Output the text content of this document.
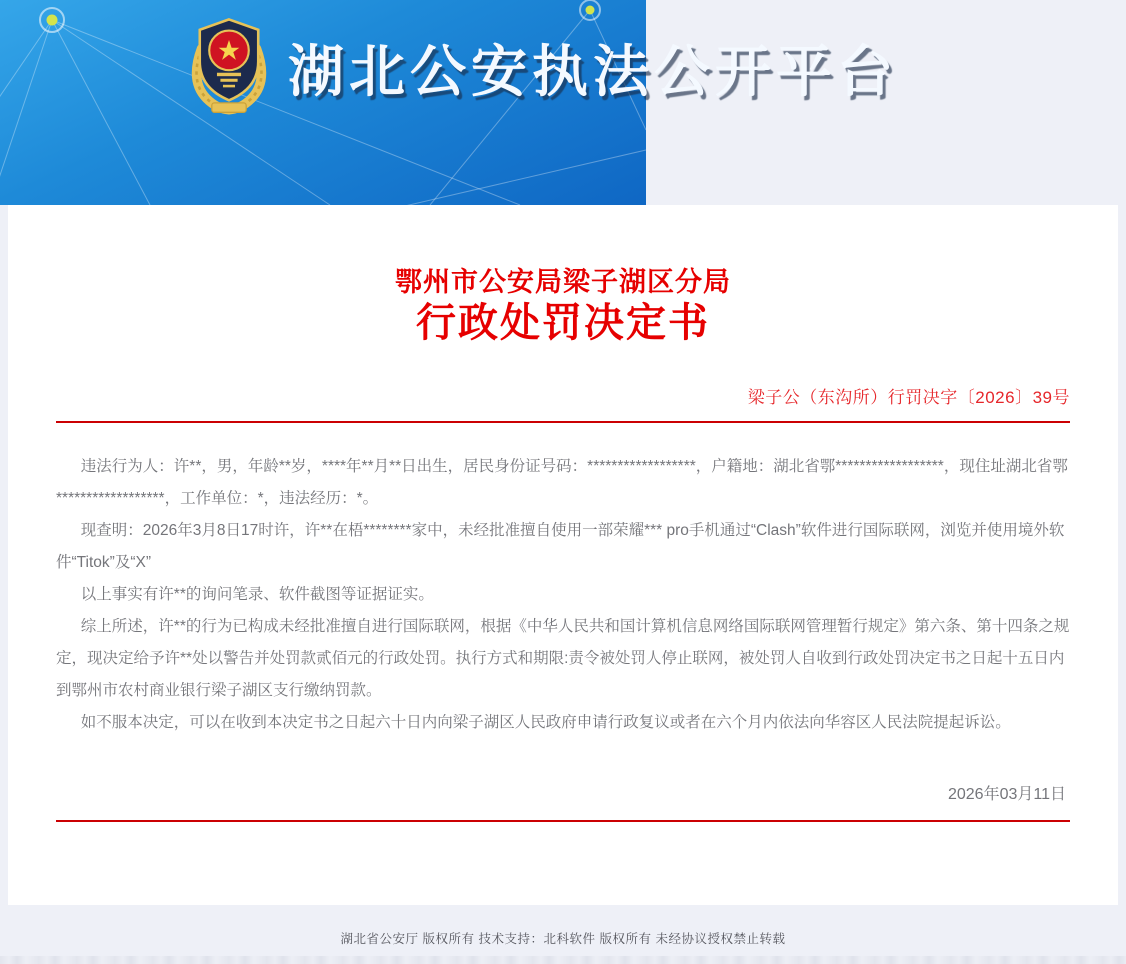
湖北公安执法公开平台
鄂州市公安局梁子湖区分局
行政处罚决定书
梁子公（东沟所）行罚决字〔2026〕39号

违法行为人：许**，男，年龄**岁，****年**月**日出生，居民身份证号码：******************，户籍地：湖北省鄂******************，现住址湖北省鄂******************，工作单位：*，违法经历：*。

现查明：2026年3月8日17时许，许**在梧********家中，未经批准擅自使用一部荣耀*** pro手机通过“Clash”软件进行国际联网，浏览并使用境外软件“Titok”及“X”

以上事实有许**的询问笔录、软件截图等证据证实。

综上所述，许**的行为已构成未经批准擅自进行国际联网，根据《中华人民共和国计算机信息网络国际联网管理暂行规定》第六条、第十四条之规定，现决定给予许**处以警告并处罚款贰佰元的行政处罚。执行方式和期限:责令被处罚人停止联网，被处罚人自收到行政处罚决定书之日起十五日内到鄂州市农村商业银行梁子湖区支行缴纳罚款。

如不服本决定，可以在收到本决定书之日起六十日内向梁子湖区人民政府申请行政复议或者在六个月内依法向华容区人民法院提起诉讼。

2026年03月11日
湖北省公安厅 版权所有 技术支持：北科软件 版权所有 未经协议授权禁止转载
